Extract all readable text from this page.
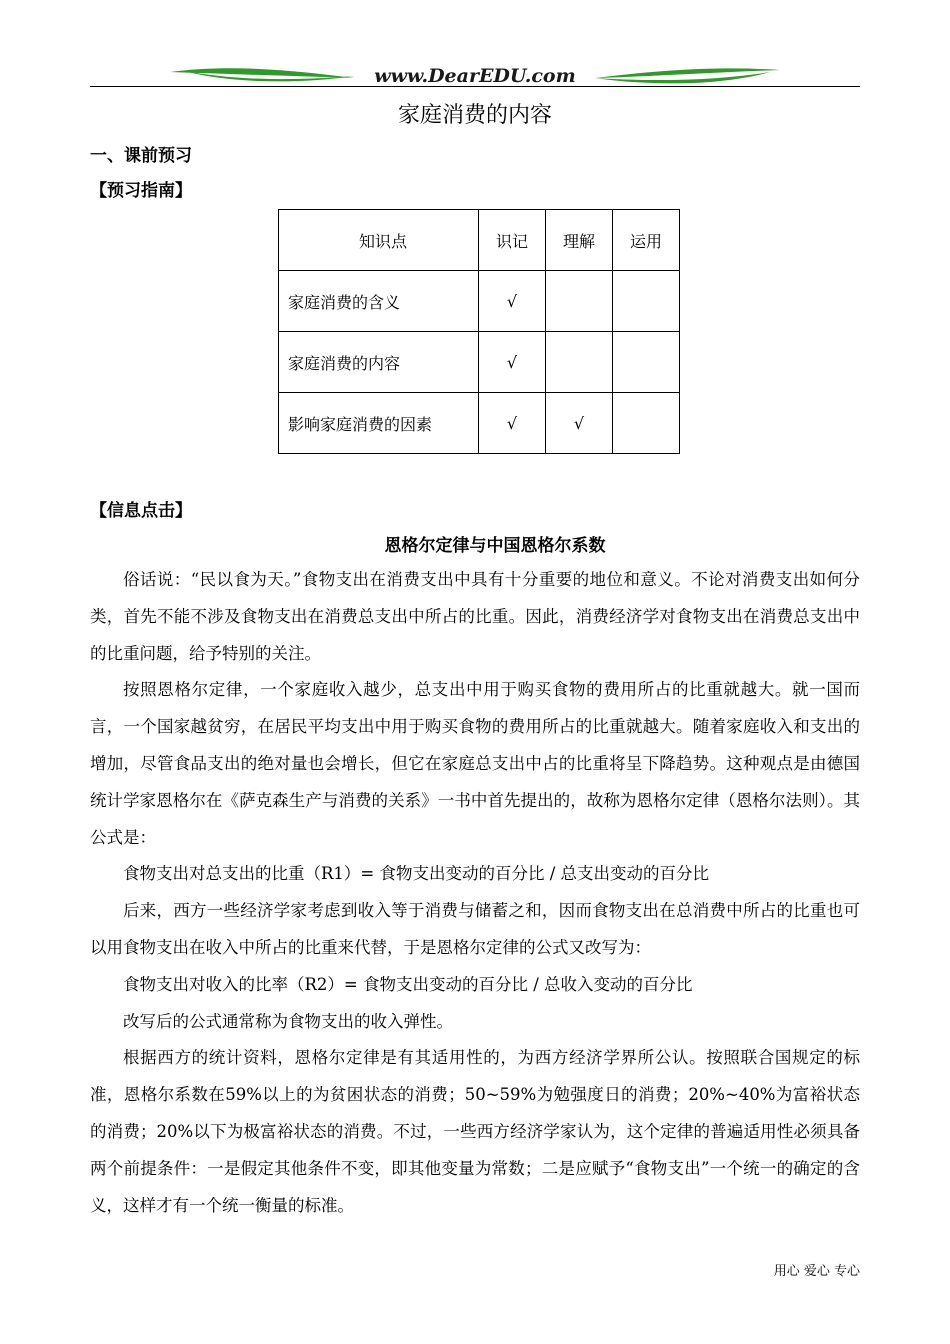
www.DearEDU.com
家庭消费的内容
一、课前预习
【预习指南】
知识点	识记	理解	运用
家庭消费的含义	√		
家庭消费的内容	√		
影响家庭消费的因素	√	√	
【信息点击】
恩格尔定律与中国恩格尔系数

俗话说：“民以食为天。”食物支出在消费支出中具有十分重要的地位和意义。不论对消费支出如何分类，首先不能不涉及食物支出在消费总支出中所占的比重。因此，消费经济学对食物支出在消费总支出中的比重问题，给予特别的关注。

按照恩格尔定律，一个家庭收入越少，总支出中用于购买食物的费用所占的比重就越大。就一国而言，一个国家越贫穷，在居民平均支出中用于购买食物的费用所占的比重就越大。随着家庭收入和支出的增加，尽管食品支出的绝对量也会增长，但它在家庭总支出中占的比重将呈下降趋势。这种观点是由德国统计学家恩格尔在《萨克森生产与消费的关系》一书中首先提出的，故称为恩格尔定律（恩格尔法则）。其公式是：

食物支出对总支出的比重（R1）= 食物支出变动的百分比 / 总支出变动的百分比

后来，西方一些经济学家考虑到收入等于消费与储蓄之和，因而食物支出在总消费中所占的比重也可以用食物支出在收入中所占的比重来代替，于是恩格尔定律的公式又改写为：

食物支出对收入的比率（R2）= 食物支出变动的百分比 / 总收入变动的百分比

改写后的公式通常称为食物支出的收入弹性。

根据西方的统计资料，恩格尔定律是有其适用性的，为西方经济学界所公认。按照联合国规定的标准，恩格尔系数在59%以上的为贫困状态的消费；50~59%为勉强度日的消费；20%~40%为富裕状态的消费；20%以下为极富裕状态的消费。不过，一些西方经济学家认为，这个定律的普遍适用性必须具备两个前提条件：一是假定其他条件不变，即其他变量为常数；二是应赋予“食物支出”一个统一的确定的含义，这样才有一个统一衡量的标准。

用心 爱心 专心
